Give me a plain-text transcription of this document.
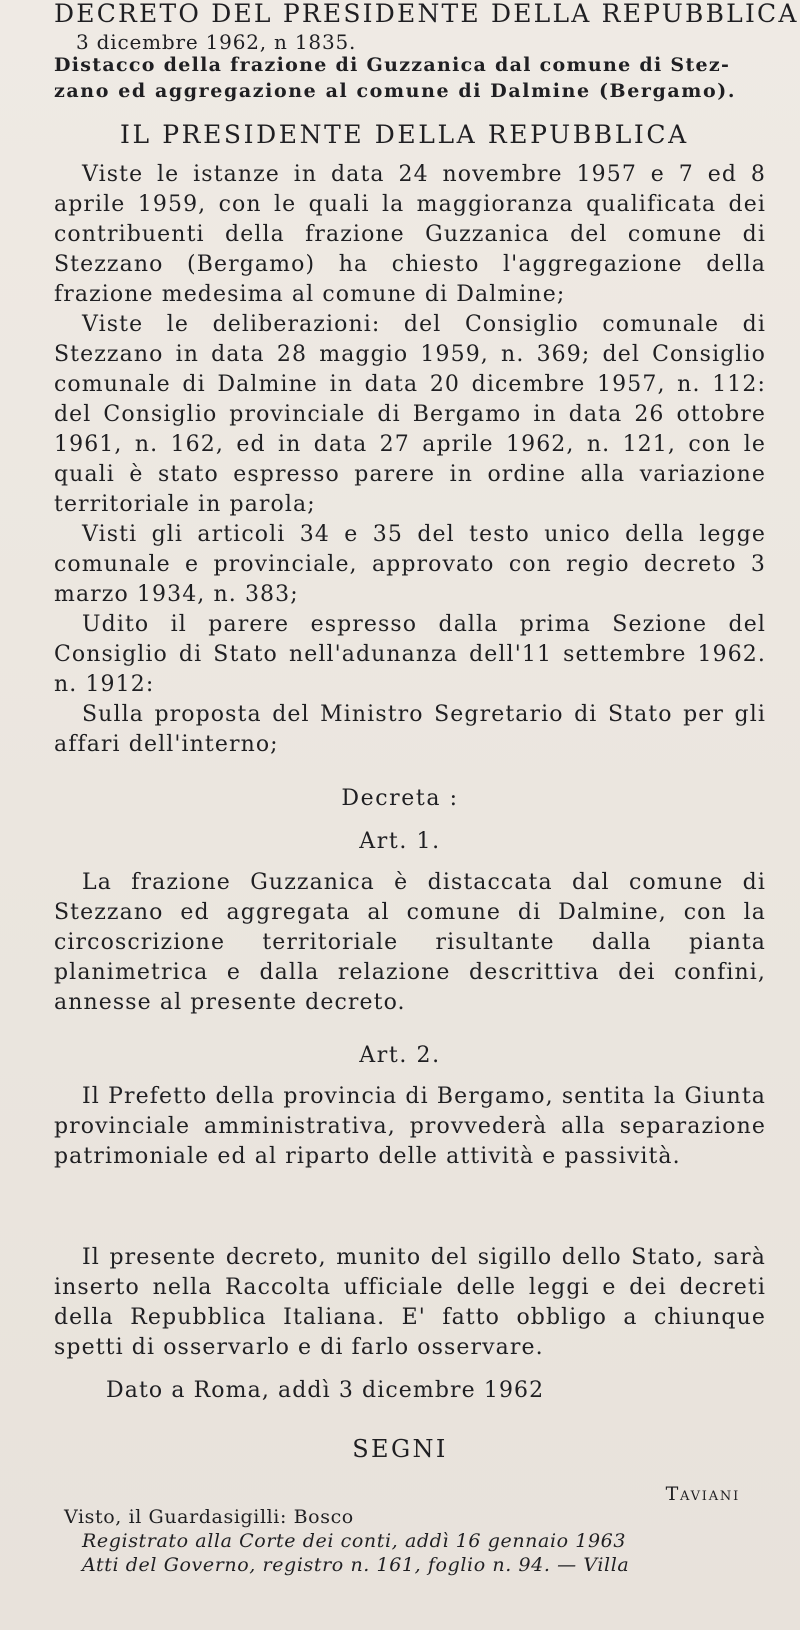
DECRETO DEL PRESIDENTE DELLA REPUBBLICA
3 dicembre 1962, n 1835.
Distacco della frazione di Guzzanica dal comune di Stez-
zano ed aggregazione al comune di Dalmine (Bergamo).
IL PRESIDENTE DELLA REPUBBLICA

Viste le istanze in data 24 novembre 1957 e 7 ed 8 aprile 1959, con le quali la maggioranza qualificata dei contribuenti della frazione Guzzanica del comune di Stezzano (Bergamo) ha chiesto l'aggregazione della frazione medesima al comune di Dalmine;

Viste le deliberazioni: del Consiglio comunale di Stezzano in data 28 maggio 1959, n. 369; del Consiglio comunale di Dalmine in data 20 dicembre 1957, n. 112: del Consiglio provinciale di Bergamo in data 26 ottobre 1961, n. 162, ed in data 27 aprile 1962, n. 121, con le quali è stato espresso parere in ordine alla variazione territoriale in parola;

Visti gli articoli 34 e 35 del testo unico della legge comunale e provinciale, approvato con regio decreto 3 marzo 1934, n. 383;

Udito il parere espresso dalla prima Sezione del Consiglio di Stato nell'adunanza dell'11 settembre 1962. n. 1912:

Sulla proposta del Ministro Segretario di Stato per gli affari dell'interno;

Decreta :
Art. 1.

La frazione Guzzanica è distaccata dal comune di Stezzano ed aggregata al comune di Dalmine, con la circoscrizione territoriale risultante dalla pianta planimetrica e dalla relazione descrittiva dei confini, annesse al presente decreto.

Art. 2.

Il Prefetto della provincia di Bergamo, sentita la Giunta provinciale amministrativa, provvederà alla separazione patrimoniale ed al riparto delle attività e passività.

Il presente decreto, munito del sigillo dello Stato, sarà inserto nella Raccolta ufficiale delle leggi e dei decreti della Repubblica Italiana. E' fatto obbligo a chiunque spetti di osservarlo e di farlo osservare.

Dato a Roma, addì 3 dicembre 1962

SEGNI
Taviani
Visto, il Guardasigilli: Bosco
Registrato alla Corte dei conti, addì 16 gennaio 1963
Atti del Governo, registro n. 161, foglio n. 94. — Villa
